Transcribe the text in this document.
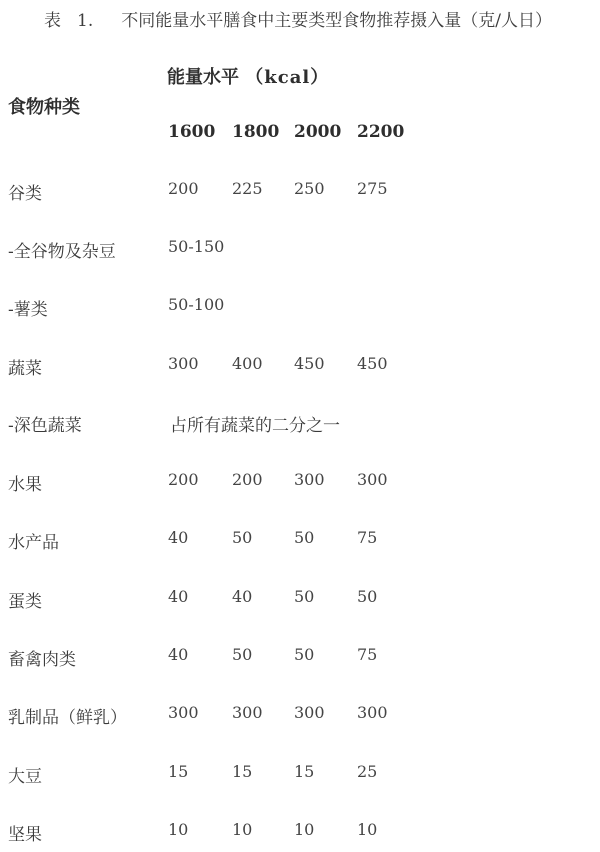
表 1. 不同能量水平膳食中主要类型食物推荐摄入量（克/人日）
食物种类
能量水平 （kcal）
1600 1800 2000 2200
谷类	200 225 250 275
-全谷物及杂豆	50-150
-薯类	50-100
蔬菜	300 400 450 450
-深色蔬菜	占所有蔬菜的二分之一
水果	200 200 300 300
水产品	40	50	50	75
蛋类	40	40	50	50
畜禽肉类	40	50	50	75
乳制品（鲜乳）	300 300 300 300
大豆	15	15	15	25
坚果	10	10	10	10
